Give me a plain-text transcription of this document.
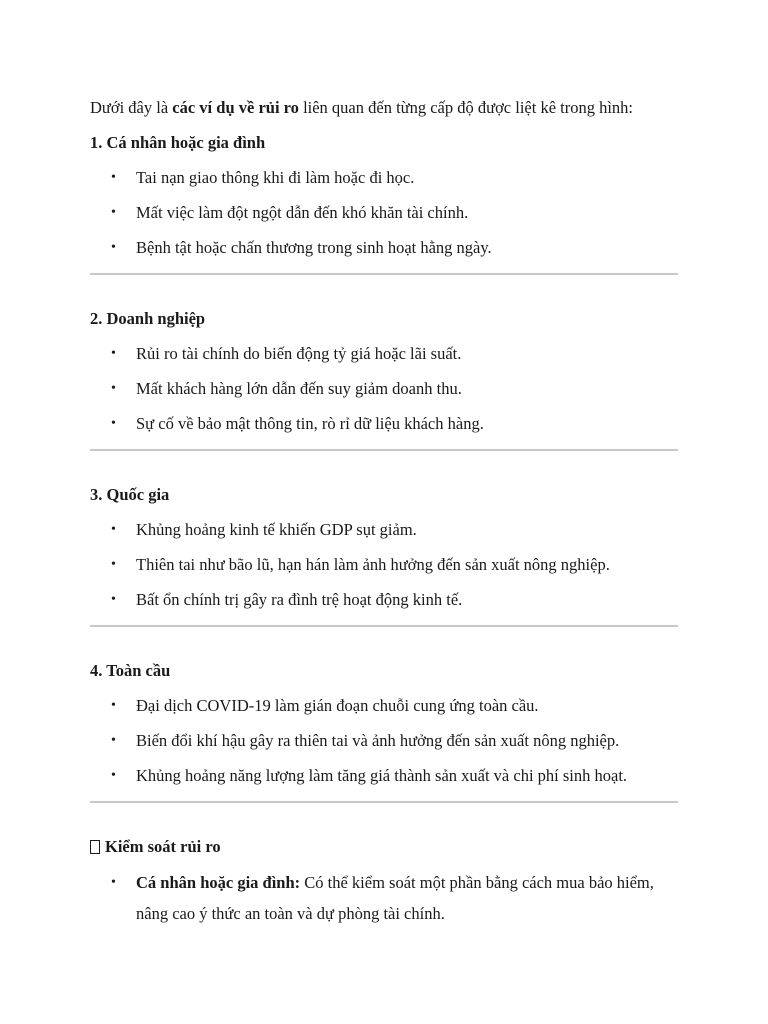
Dưới đây là các ví dụ về rủi ro liên quan đến từng cấp độ được liệt kê trong hình:

1. Cá nhân hoặc gia đình

• Tai nạn giao thông khi đi làm hoặc đi học.
• Mất việc làm đột ngột dẫn đến khó khăn tài chính.
• Bệnh tật hoặc chấn thương trong sinh hoạt hằng ngày.

2. Doanh nghiệp

• Rủi ro tài chính do biến động tỷ giá hoặc lãi suất.
• Mất khách hàng lớn dẫn đến suy giảm doanh thu.
• Sự cố về bảo mật thông tin, rò rỉ dữ liệu khách hàng.

3. Quốc gia

• Khủng hoảng kinh tế khiến GDP sụt giảm.
• Thiên tai như bão lũ, hạn hán làm ảnh hưởng đến sản xuất nông nghiệp.
• Bất ổn chính trị gây ra đình trệ hoạt động kinh tế.

4. Toàn cầu

• Đại dịch COVID-19 làm gián đoạn chuỗi cung ứng toàn cầu.
• Biến đổi khí hậu gây ra thiên tai và ảnh hưởng đến sản xuất nông nghiệp.
• Khủng hoảng năng lượng làm tăng giá thành sản xuất và chi phí sinh hoạt.

Kiểm soát rủi ro

• Cá nhân hoặc gia đình: Có thể kiểm soát một phần bằng cách mua bảo hiểm, nâng cao ý thức an toàn và dự phòng tài chính.
